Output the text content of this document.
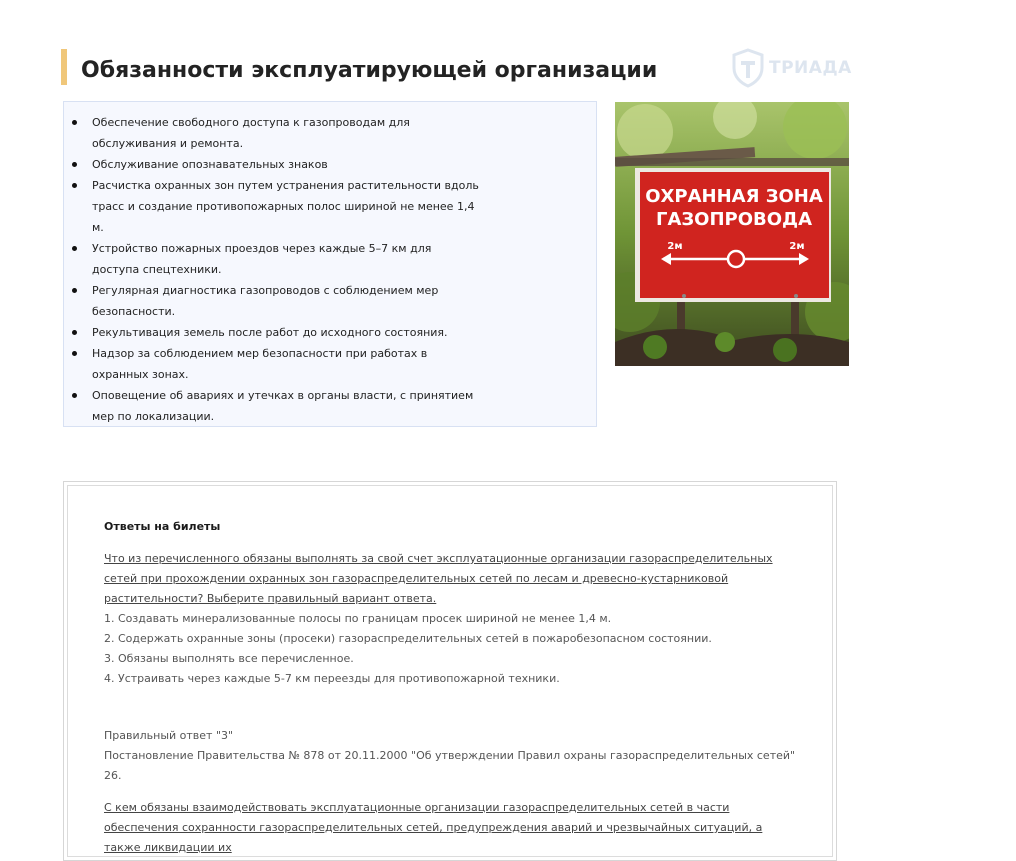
Обязанности эксплуатирующей организации	ТРИАДА
Обеспечение свободного доступа к газопроводам для обслуживания и ремонта.
Обслуживание опознавательных знаков
Расчистка охранных зон путем устранения растительности вдоль трасс и создание противопожарных полос шириной не менее 1,4 м.
Устройство пожарных проездов через каждые 5–7 км для доступа спецтехники.
Регулярная диагностика газопроводов с соблюдением мер безопасности.
Рекультивация земель после работ до исходного состояния.
Надзор за соблюдением мер безопасности при работах в охранных зонах.
Оповещение об авариях и утечках в органы власти, с принятием мер по локализации.
ОХРАННАЯ ЗОНА
ГАЗОПРОВОДА
2м	2м
Ответы на билеты

Что из перечисленного обязаны выполнять за свой счет эксплуатационные организации газораспределительных сетей при прохождении охранных зон газораспределительных сетей по лесам и древесно-кустарниковой растительности? Выберите правильный вариант ответа.

1. Создавать минерализованные полосы по границам просек шириной не менее 1,4 м.

2. Содержать охранные зоны (просеки) газораспределительных сетей в пожаробезопасном состоянии.

3. Обязаны выполнять все перечисленное.

4. Устраивать через каждые 5-7 км переезды для противопожарной техники.

Правильный ответ "3"

Постановление Правительства № 878 от 20.11.2000 "Об утверждении Правил охраны газораспределительных сетей" 26.

С кем обязаны взаимодействовать эксплуатационные организации газораспределительных сетей в части обеспечения сохранности газораспределительных сетей, предупреждения аварий и чрезвычайных ситуаций, а также ликвидации их
